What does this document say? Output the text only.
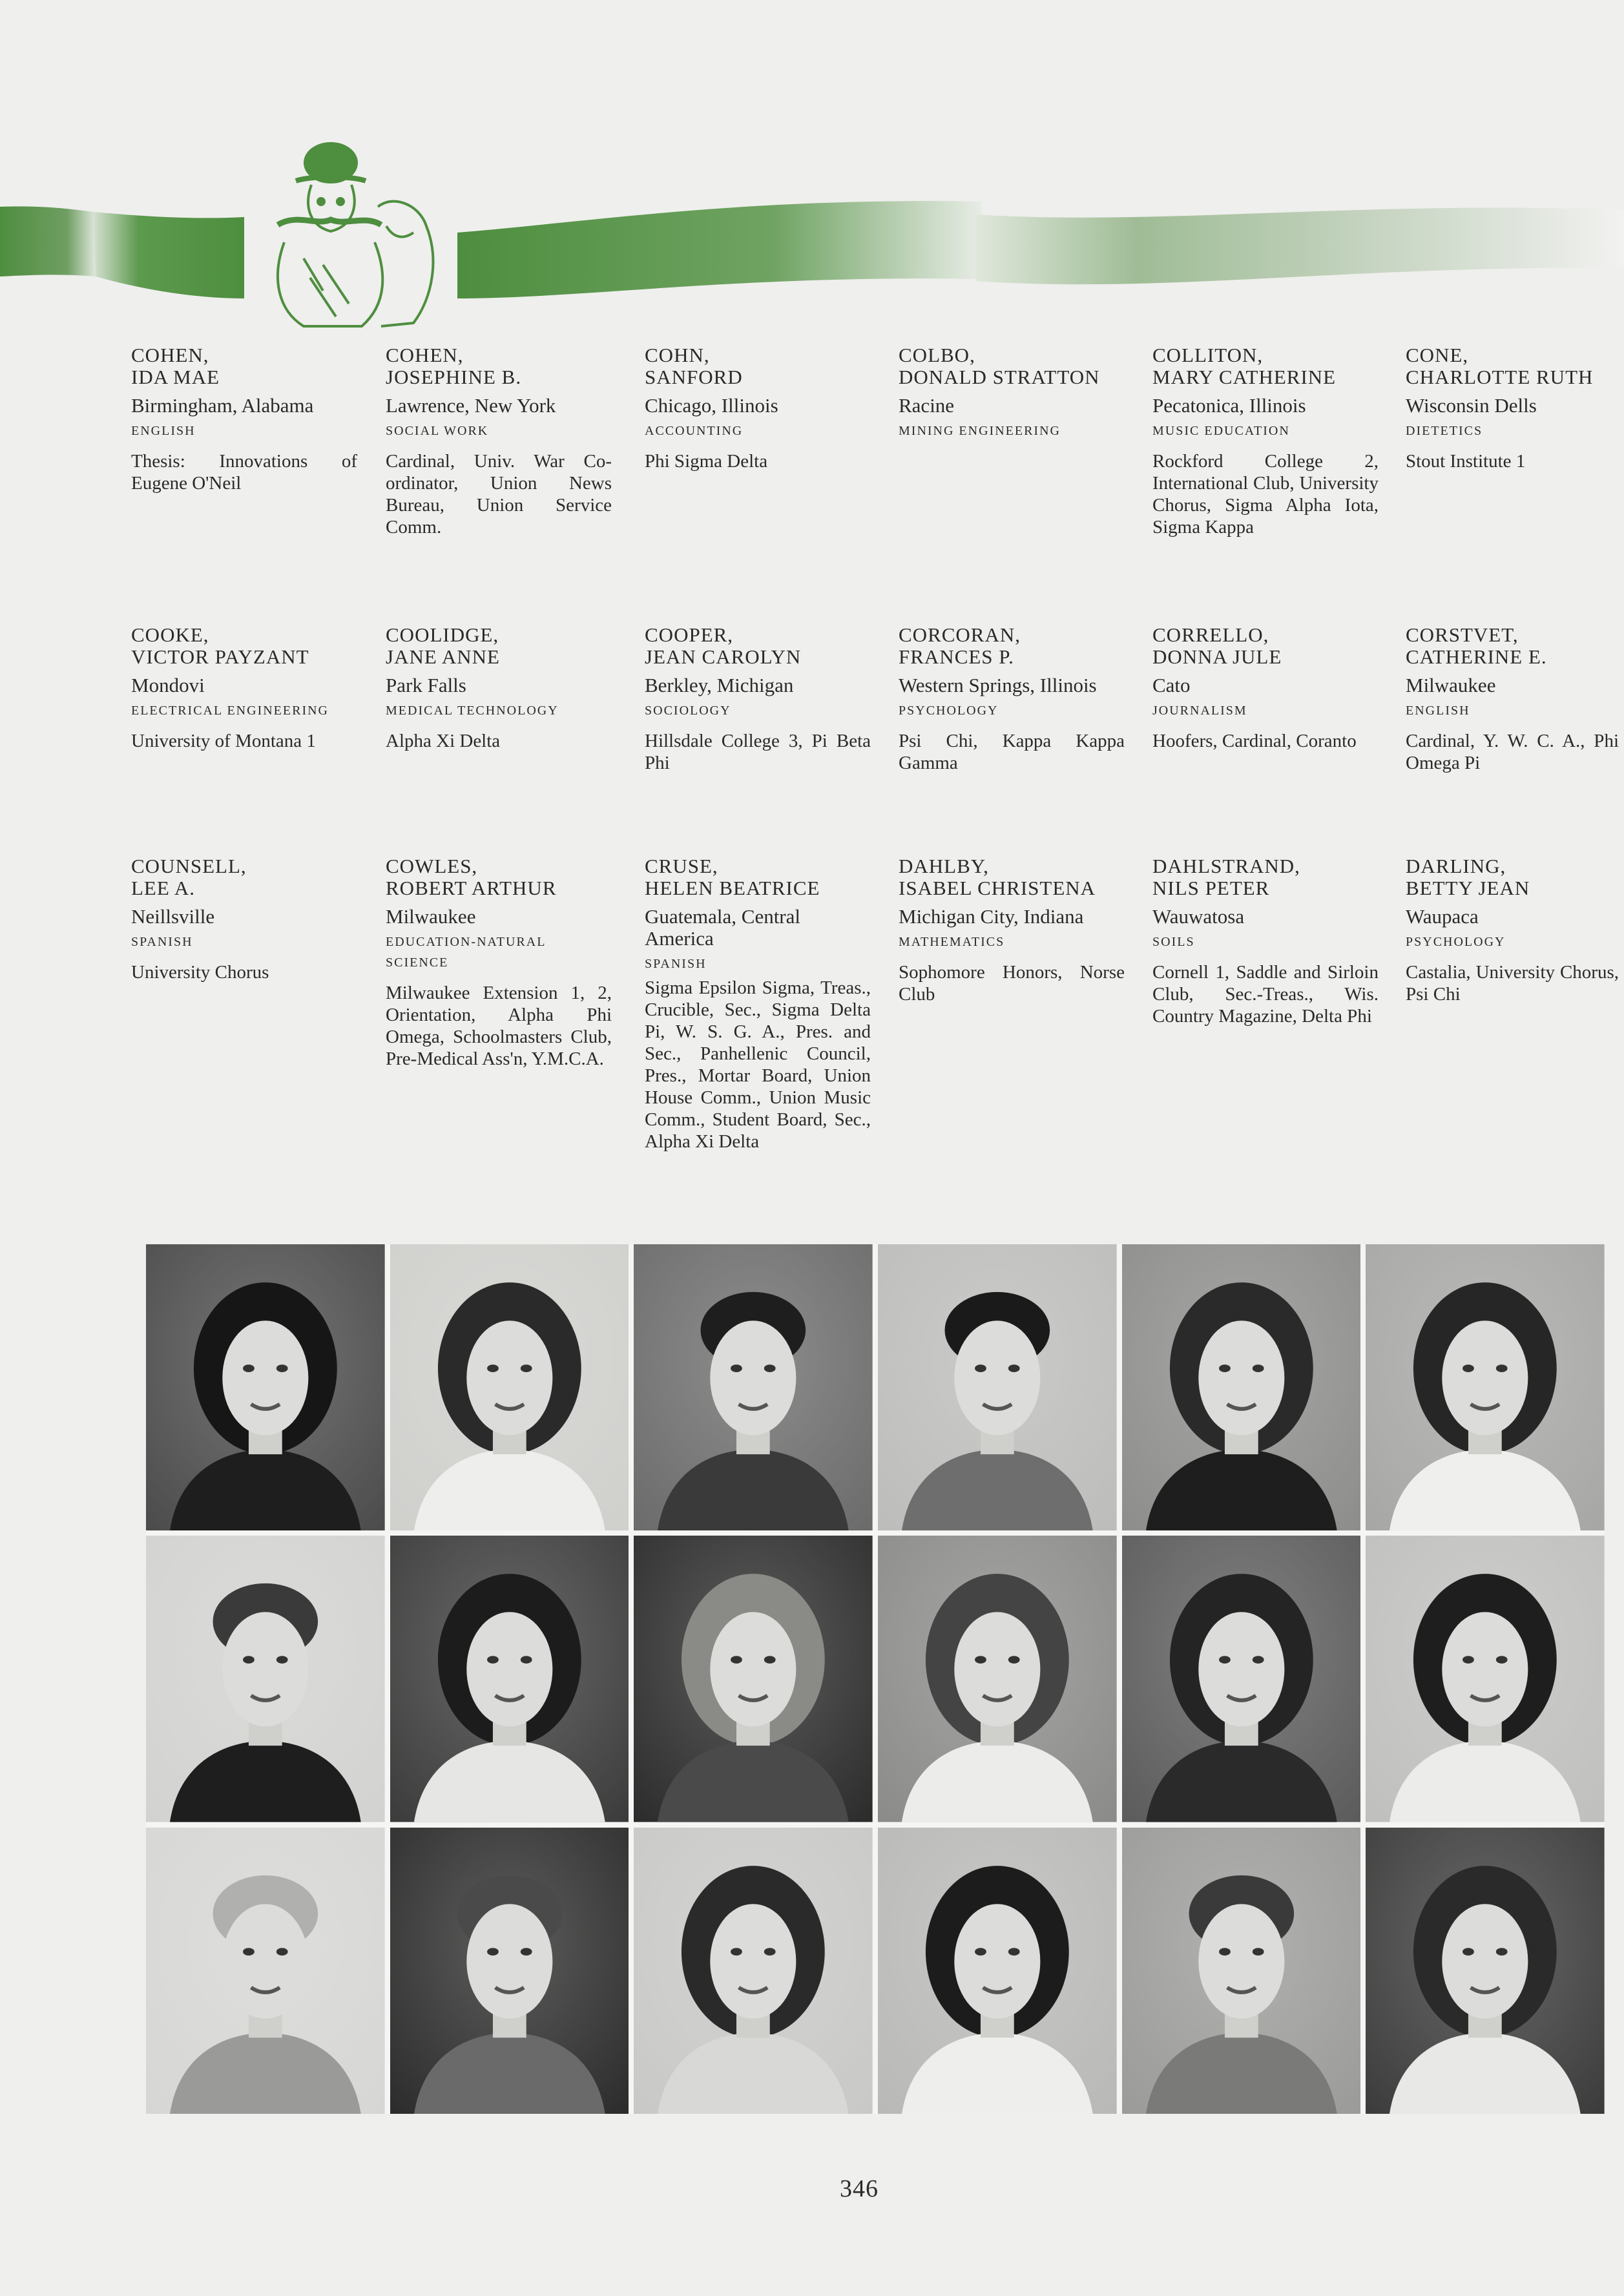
COHEN,
IDA MAE
Birmingham, Alabama
ENGLISH
Thesis: Innovations of Eugene O'Neil
COHEN,
JOSEPHINE B.
Lawrence, New York
SOCIAL WORK
Cardinal, Univ. War Co-ordinator, Union News Bureau, Union Service Comm.
COHN,
SANFORD
Chicago, Illinois
ACCOUNTING
Phi Sigma Delta
COLBO,
DONALD STRATTON
Racine
MINING ENGINEERING
COLLITON,
MARY CATHERINE
Pecatonica, Illinois
MUSIC EDUCATION
Rockford College 2, International Club, University Chorus, Sigma Alpha Iota, Sigma Kappa
CONE,
CHARLOTTE RUTH
Wisconsin Dells
DIETETICS
Stout Institute 1
COOKE,
VICTOR PAYZANT
Mondovi
ELECTRICAL ENGINEERING
University of Montana 1
COOLIDGE,
JANE ANNE
Park Falls
MEDICAL TECHNOLOGY
Alpha Xi Delta
COOPER,
JEAN CAROLYN
Berkley, Michigan
SOCIOLOGY
Hillsdale College 3, Pi Beta Phi
CORCORAN,
FRANCES P.
Western Springs, Illinois
PSYCHOLOGY
Psi Chi, Kappa Kappa Gamma
CORRELLO,
DONNA JULE
Cato
JOURNALISM
Hoofers, Cardinal, Coranto
CORSTVET,
CATHERINE E.
Milwaukee
ENGLISH
Cardinal, Y. W. C. A., Phi Omega Pi
COUNSELL,
LEE A.
Neillsville
SPANISH
University Chorus
COWLES,
ROBERT ARTHUR
Milwaukee
EDUCATION-NATURAL SCIENCE
Milwaukee Extension 1, 2, Orientation, Alpha Phi Omega, Schoolmasters Club, Pre-Medical Ass'n, Y.M.C.A.
CRUSE,
HELEN BEATRICE
Guatemala, Central America
SPANISH
Sigma Epsilon Sigma, Treas., Crucible, Sec., Sigma Delta Pi, W. S. G. A., Pres. and Sec., Panhellenic Council, Pres., Mortar Board, Union House Comm., Union Music Comm., Student Board, Sec., Alpha Xi Delta
DAHLBY,
ISABEL CHRISTENA
Michigan City, Indiana
MATHEMATICS
Sophomore Honors, Norse Club
DAHLSTRAND,
NILS PETER
Wauwatosa
SOILS
Cornell 1, Saddle and Sirloin Club, Sec.-Treas., Wis. Country Magazine, Delta Phi
DARLING,
BETTY JEAN
Waupaca
PSYCHOLOGY
Castalia, University Chorus, Psi Chi
346
